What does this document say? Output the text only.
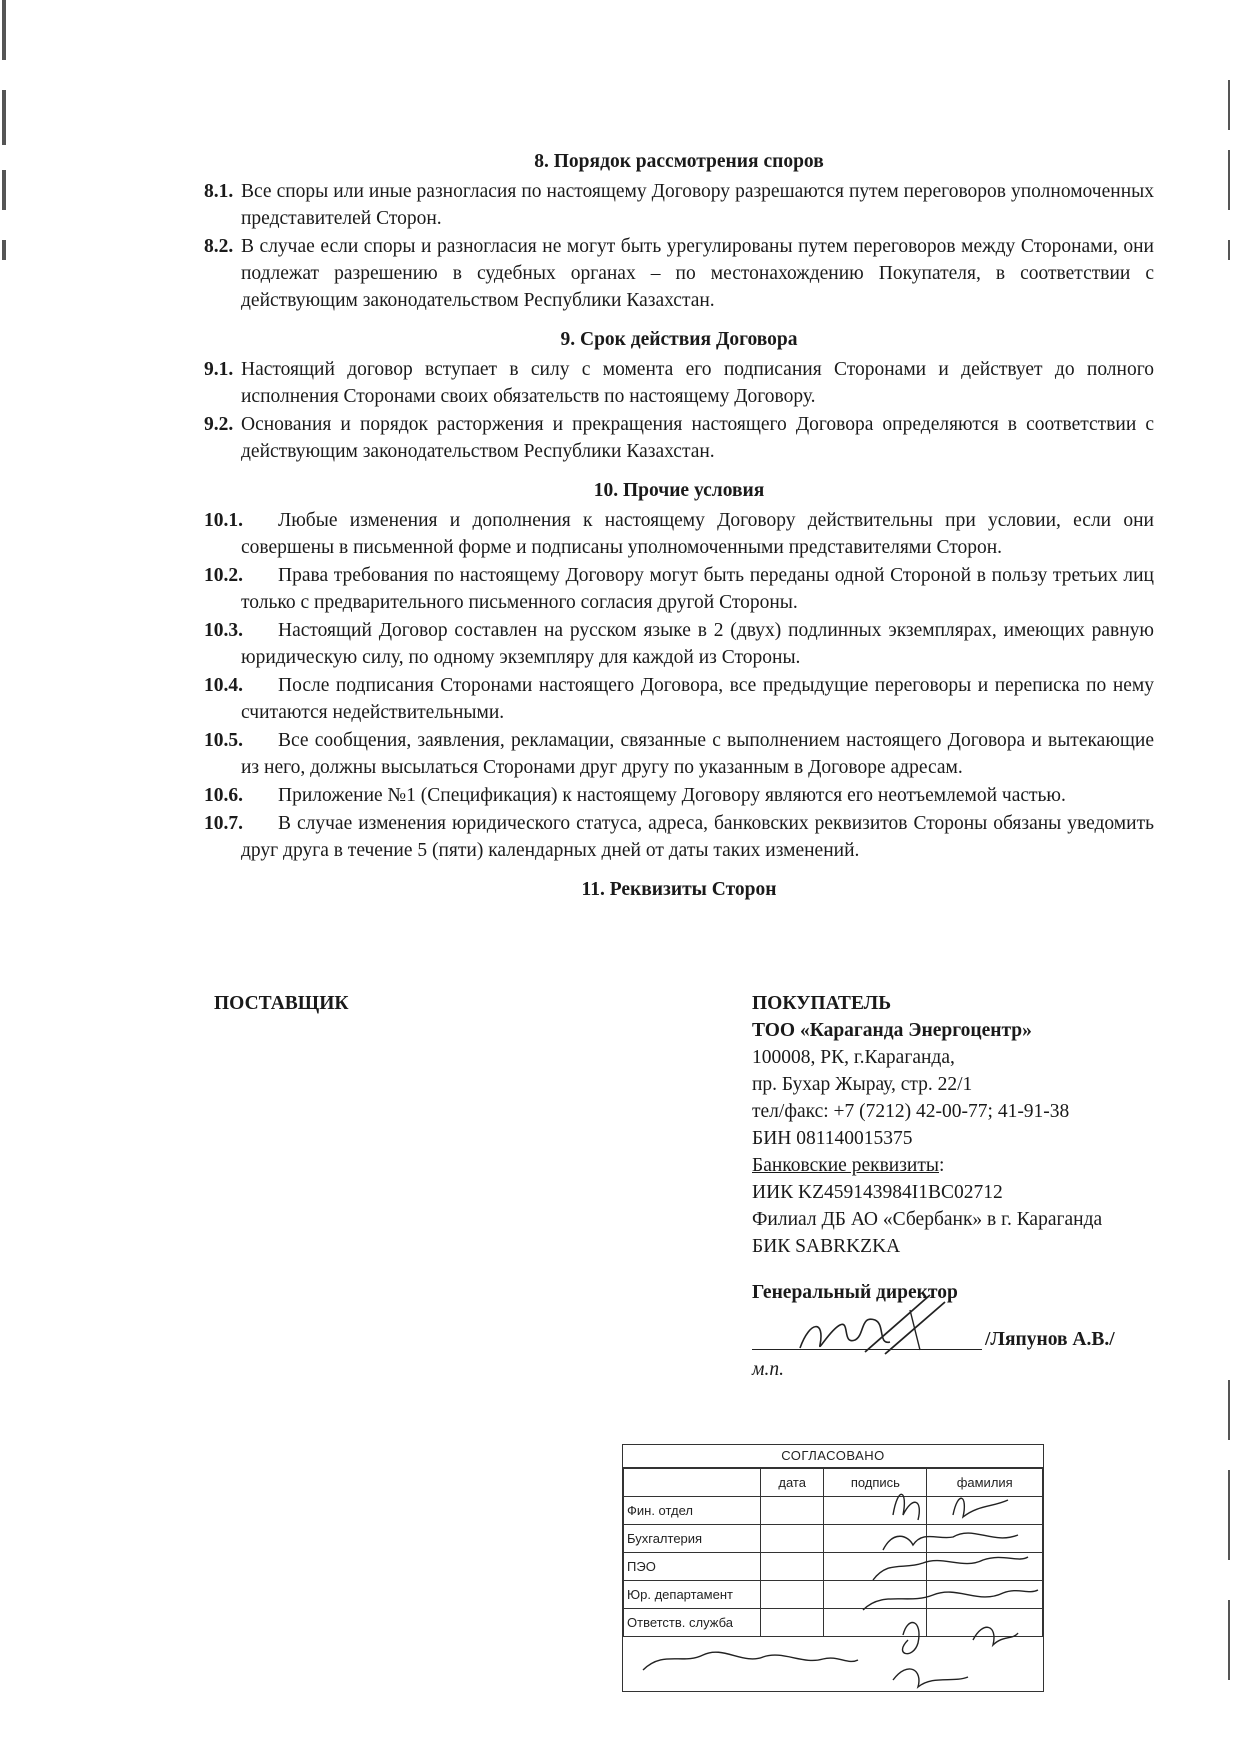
8. Порядок рассмотрения споров

8.1. Все споры или иные разногласия по настоящему Договору разрешаются путем переговоров уполномоченных представителей Сторон.
8.2. В случае если споры и разногласия не могут быть урегулированы путем переговоров между Сторонами, они подлежат разрешению в судебных органах – по местонахождению Покупателя, в соответствии с действующим законодательством Республики Казахстан.

9. Срок действия Договора

9.1. Настоящий договор вступает в силу с момента его подписания Сторонами и действует до полного исполнения Сторонами своих обязательств по настоящему Договору.
9.2. Основания и порядок расторжения и прекращения настоящего Договора определяются в соответствии с действующим законодательством Республики Казахстан.

10. Прочие условия

10.1.	Любые изменения и дополнения к настоящему Договору действительны при условии, если они совершены в письменной форме и подписаны уполномоченными представителями Сторон.
10.2.	Права требования по настоящему Договору могут быть переданы одной Стороной в пользу третьих лиц только с предварительного письменного согласия другой Стороны.
10.3.	Настоящий Договор составлен на русском языке в 2 (двух) подлинных экземплярах, имеющих равную юридическую силу, по одному экземпляру для каждой из Стороны.
10.4.	После подписания Сторонами настоящего Договора, все предыдущие переговоры и переписка по нему считаются недействительными.
10.5.	Все сообщения, заявления, рекламации, связанные с выполнением настоящего Договора и вытекающие из него, должны высылаться Сторонами друг другу по указанным в Договоре адресам.
10.6.	Приложение №1 (Спецификация) к настоящему Договору являются его неотъемлемой частью.
10.7.	В случае изменения юридического статуса, адреса, банковских реквизитов Стороны обязаны уведомить друг друга в течение 5 (пяти) календарных дней от даты таких изменений.

11. Реквизиты Сторон

ПОСТАВЩИК	ПОКУПАТЕЛЬ
ТОО «Караганда Энергоцентр»
100008, РК, г.Караганда,
пр. Бухар Жырау, стр. 22/1
тел/факс: +7 (7212) 42-00-77; 41-91-38
БИН 081140015375
Банковские реквизиты:
ИИК KZ459143984I1BC02712
Филиал ДБ АО «Сбербанк» в г. Караганда
БИК SABRKZKA
Генеральный директор
/Ляпунов А.В./
м.п.
СОГЛАСОВАНО
	дата	подпись	фамилия
Фин. отдел			
Бухгалтерия			
ПЭО			
Юр. департамент			
Ответств. служба			
